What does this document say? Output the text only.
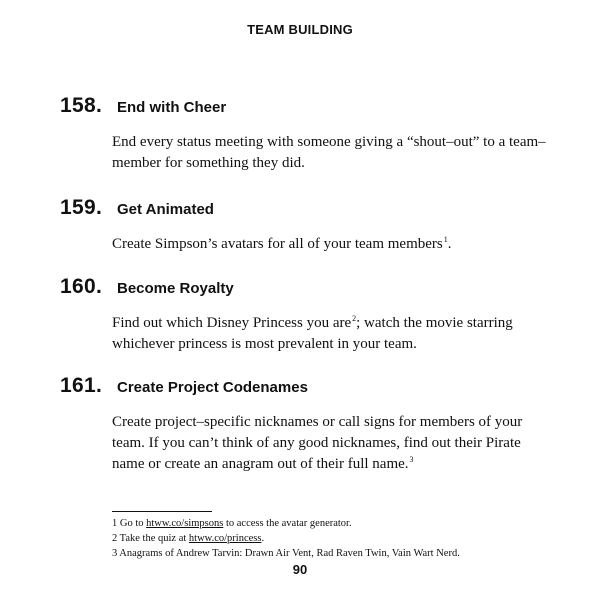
TEAM BUILDING
158. End with Cheer
End every status meeting with someone giving a “shout–out” to a team–member for something they did.
159. Get Animated
Create Simpson’s avatars for all of your team members$^1$.
160. Become Royalty
Find out which Disney Princess you are$^2$; watch the movie starring whichever princess is most prevalent in your team.
161. Create Project Codenames
Create project–specific nicknames or call signs for members of your team. If you can’t think of any good nicknames, find out their Pirate name or create an anagram out of their full name.$^3$
1 Go to htww.co/simpsons to access the avatar generator.
2 Take the quiz at htww.co/princess.
3 Anagrams of Andrew Tarvin: Drawn Air Vent, Rad Raven Twin, Vain Wart Nerd.
90
